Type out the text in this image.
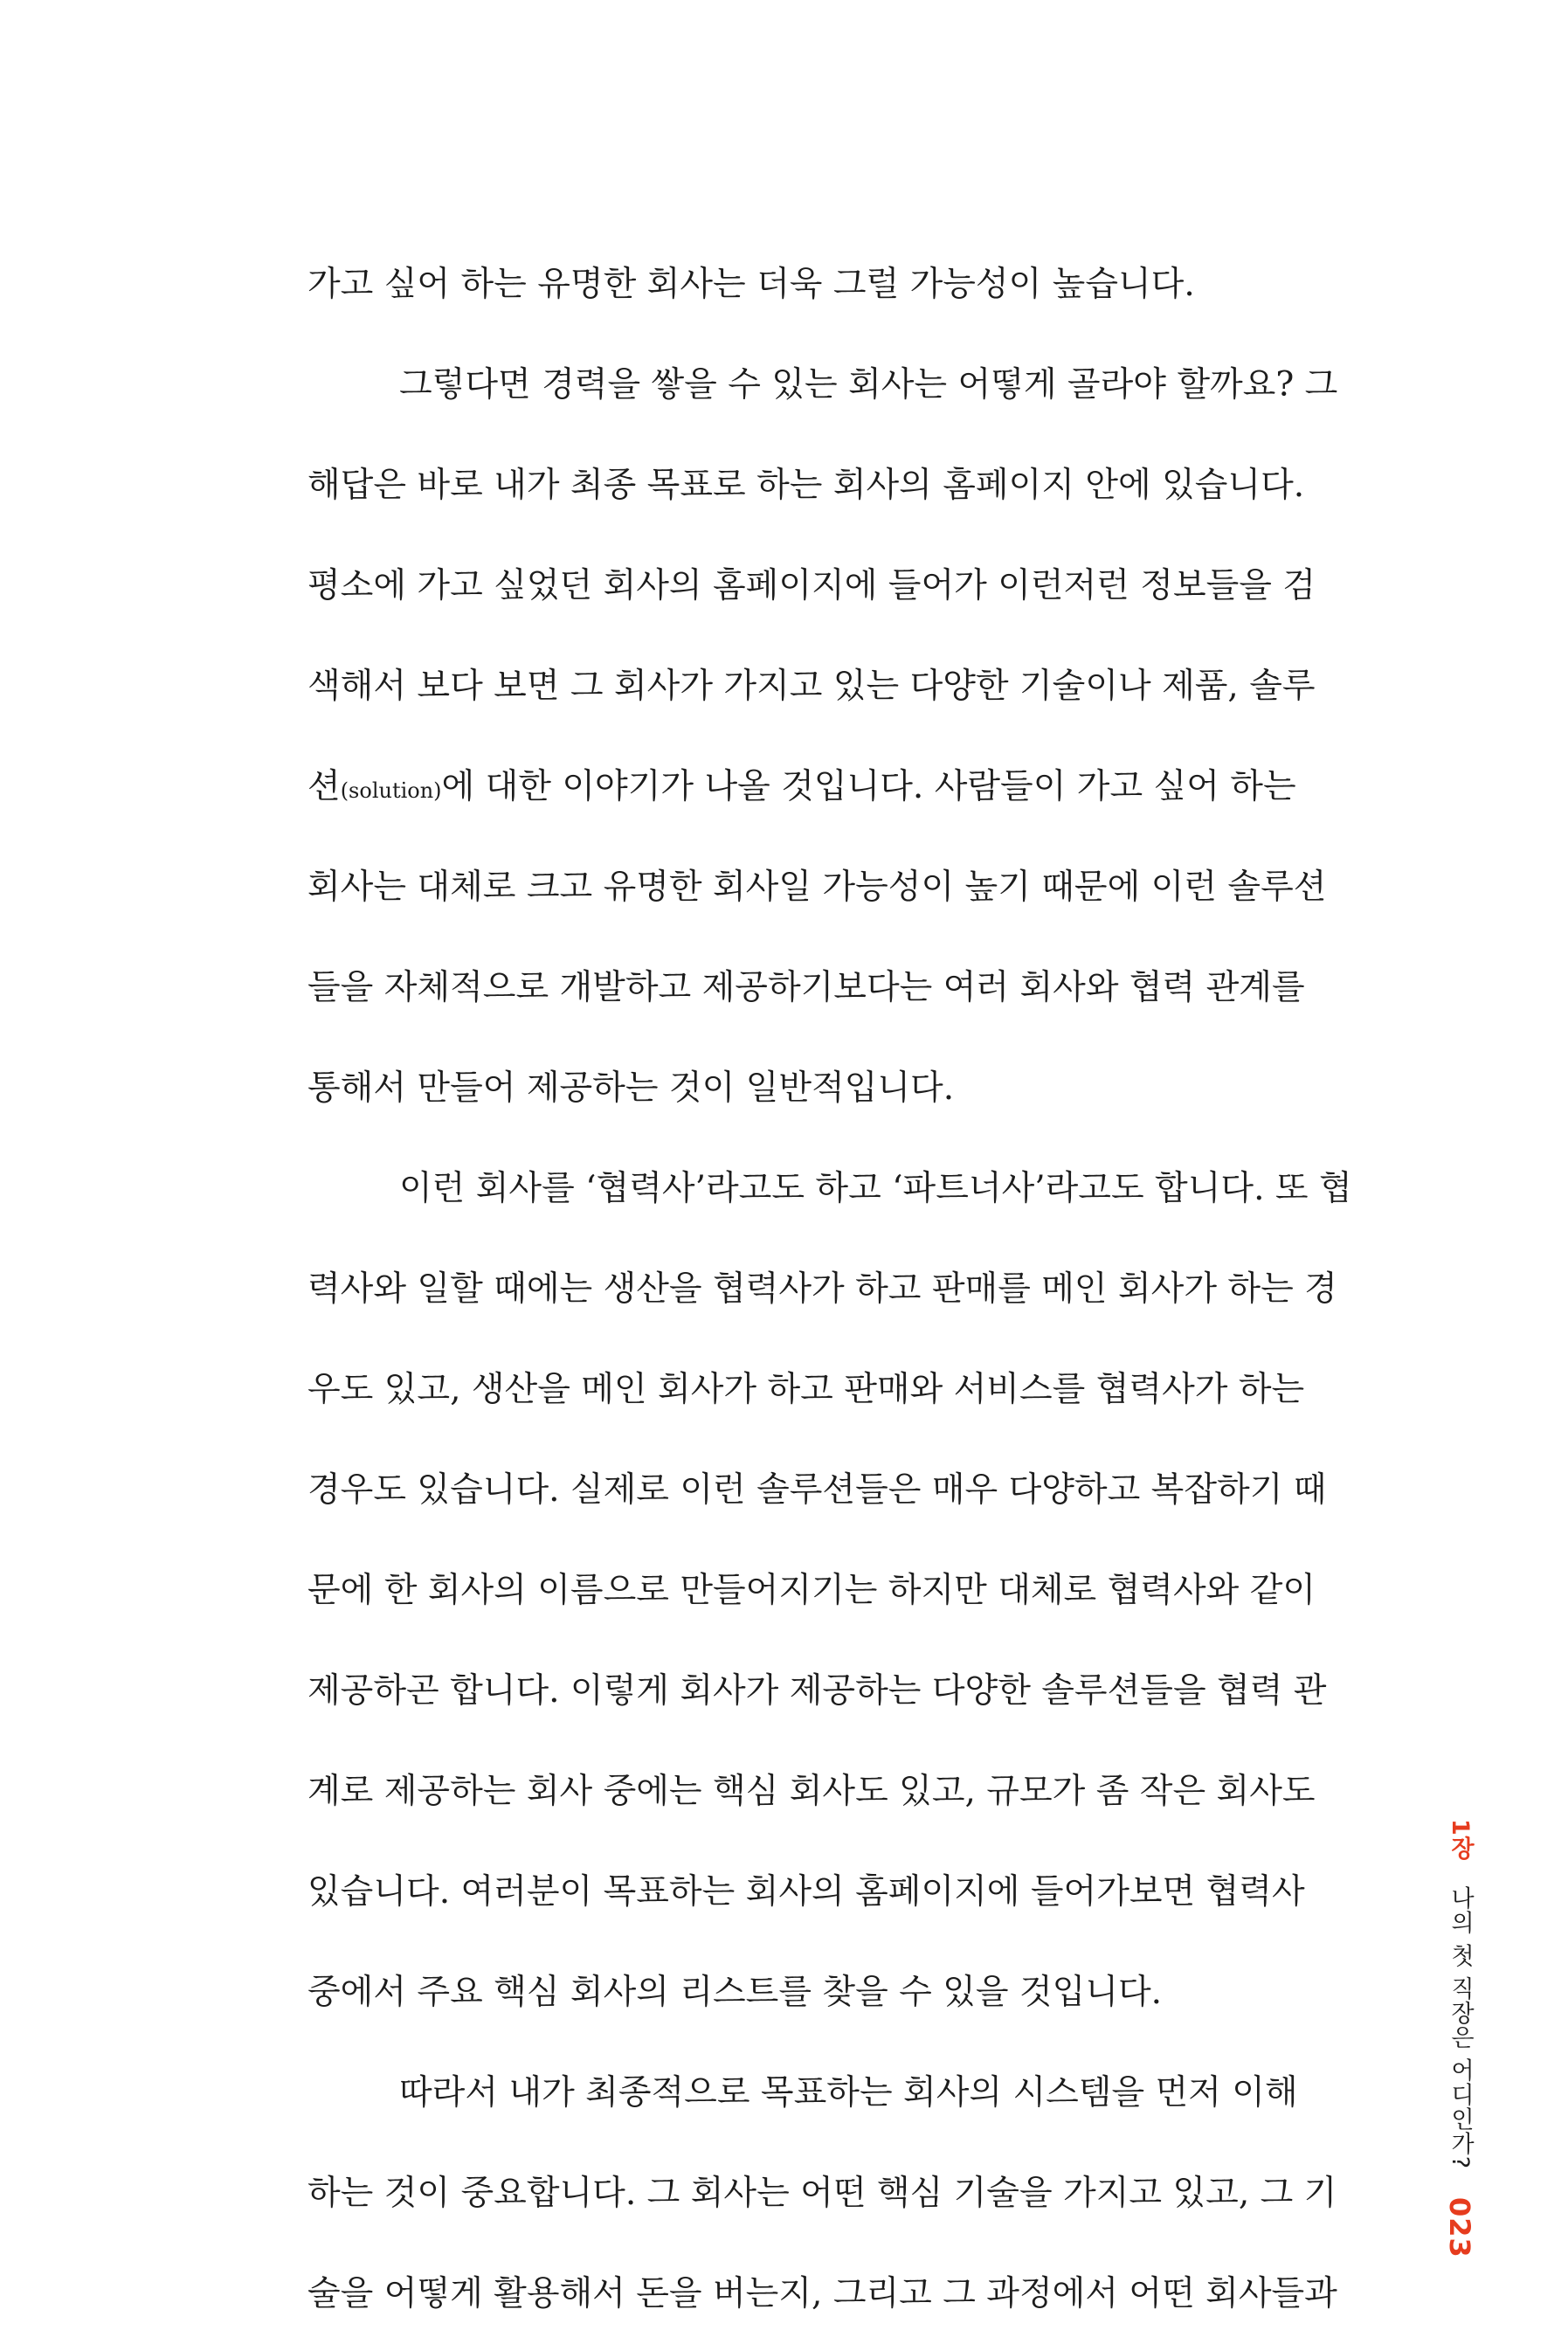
가고 싶어 하는 유명한 회사는 더욱 그럴 가능성이 높습니다.
그렇다면 경력을 쌓을 수 있는 회사는 어떻게 골라야 할까요? 그
해답은 바로 내가 최종 목표로 하는 회사의 홈페이지 안에 있습니다.
평소에 가고 싶었던 회사의 홈페이지에 들어가 이런저런 정보들을 검
색해서 보다 보면 그 회사가 가지고 있는 다양한 기술이나 제품, 솔루
션(solution)에 대한 이야기가 나올 것입니다. 사람들이 가고 싶어 하는
회사는 대체로 크고 유명한 회사일 가능성이 높기 때문에 이런 솔루션
들을 자체적으로 개발하고 제공하기보다는 여러 회사와 협력 관계를
통해서 만들어 제공하는 것이 일반적입니다.
이런 회사를 ‘협력사’라고도 하고 ‘파트너사’라고도 합니다. 또 협
력사와 일할 때에는 생산을 협력사가 하고 판매를 메인 회사가 하는 경
우도 있고, 생산을 메인 회사가 하고 판매와 서비스를 협력사가 하는
경우도 있습니다. 실제로 이런 솔루션들은 매우 다양하고 복잡하기 때
문에 한 회사의 이름으로 만들어지기는 하지만 대체로 협력사와 같이
제공하곤 합니다. 이렇게 회사가 제공하는 다양한 솔루션들을 협력 관
계로 제공하는 회사 중에는 핵심 회사도 있고, 규모가 좀 작은 회사도
있습니다. 여러분이 목표하는 회사의 홈페이지에 들어가보면 협력사
중에서 주요 핵심 회사의 리스트를 찾을 수 있을 것입니다.
따라서 내가 최종적으로 목표하는 회사의 시스템을 먼저 이해
하는 것이 중요합니다. 그 회사는 어떤 핵심 기술을 가지고 있고, 그 기
술을 어떻게 활용해서 돈을 버는지, 그리고 그 과정에서 어떤 회사들과
1장  나의 첫 직장은 어디인가? 023
